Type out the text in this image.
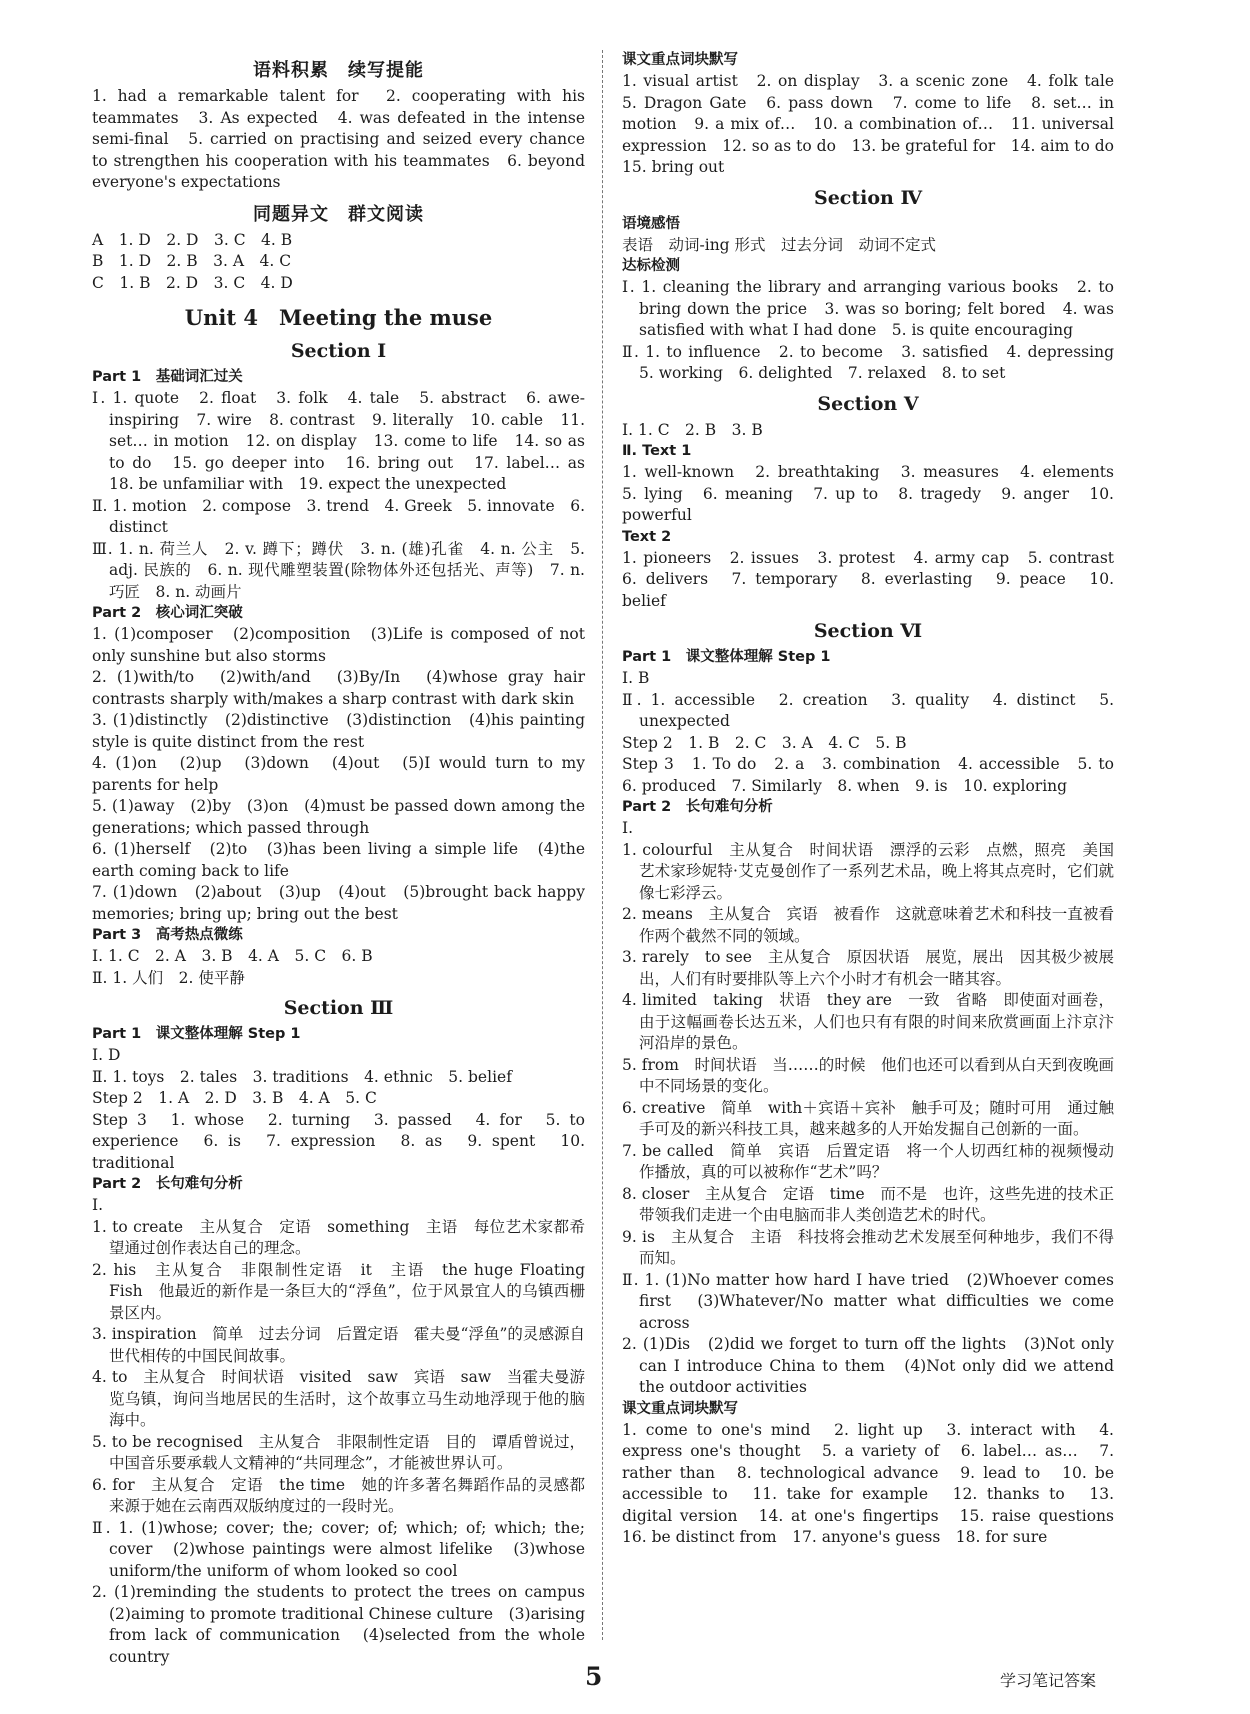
语料积累　续写提能

1. had a remarkable talent for　2. cooperating with his teammates　3. As expected　4. was defeated in the intense semi-final　5. carried on practising and seized every chance to strengthen his cooperation with his teammates　6. beyond everyone's expectations

同题异文　群文阅读

A　1. D　2. D　3. C　4. B

B　1. D　2. B　3. A　4. C

C　1. B　2. D　3. C　4. D

Unit 4　Meeting the muse
Section Ⅰ
Part 1　基础词汇过关

Ⅰ. 1. quote　2. float　3. folk　4. tale　5. abstract　6. awe-inspiring　7. wire　8. contrast　9. literally　10. cable　11. set… in motion　12. on display　13. come to life　14. so as to do　15. go deeper into　16. bring out　17. label… as　18. be unfamiliar with　19. expect the unexpected

Ⅱ. 1. motion　2. compose　3. trend　4. Greek　5. innovate　6. distinct

Ⅲ. 1. n. 荷兰人　2. v. 蹲下；蹲伏　3. n. (雄)孔雀　4. n. 公主　5. adj. 民族的　6. n. 现代雕塑装置(除物体外还包括光、声等)　7. n. 巧匠　8. n. 动画片

Part 2　核心词汇突破

1. (1)composer　(2)composition　(3)Life is composed of not only sunshine but also storms

2. (1)with/to　(2)with/and　(3)By/In　(4)whose gray hair contrasts sharply with/makes a sharp contrast with dark skin

3. (1)distinctly　(2)distinctive　(3)distinction　(4)his painting style is quite distinct from the rest

4. (1)on　(2)up　(3)down　(4)out　(5)I would turn to my parents for help

5. (1)away　(2)by　(3)on　(4)must be passed down among the generations; which passed through

6. (1)herself　(2)to　(3)has been living a simple life　(4)the earth coming back to life

7. (1)down　(2)about　(3)up　(4)out　(5)brought back happy memories; bring up; bring out the best

Part 3　高考热点微练

Ⅰ. 1. C　2. A　3. B　4. A　5. C　6. B

Ⅱ. 1. 人们　2. 使平静

Section Ⅲ
Part 1　课文整体理解 Step 1

Ⅰ. D

Ⅱ. 1. toys　2. tales　3. traditions　4. ethnic　5. belief

Step 2　1. A　2. D　3. B　4. A　5. C

Step 3　1. whose　2. turning　3. passed　4. for　5. to experience　6. is　7. expression　8. as　9. spent　10. traditional

Part 2　长句难句分析

Ⅰ.

1. to create　主从复合　定语　something　主语　每位艺术家都希望通过创作表达自己的理念。

2. his　主从复合　非限制性定语　it　主语　the huge Floating Fish　他最近的新作是一条巨大的“浮鱼”，位于风景宜人的乌镇西栅景区内。

3. inspiration　简单　过去分词　后置定语　霍夫曼“浮鱼”的灵感源自世代相传的中国民间故事。

4. to　主从复合　时间状语　visited　saw　宾语　saw　当霍夫曼游览乌镇，询问当地居民的生活时，这个故事立马生动地浮现于他的脑海中。

5. to be recognised　主从复合　非限制性定语　目的　谭盾曾说过，中国音乐要承载人文精神的“共同理念”，才能被世界认可。

6. for　主从复合　定语　the time　她的许多著名舞蹈作品的灵感都来源于她在云南西双版纳度过的一段时光。

Ⅱ. 1. (1)whose; cover; the; cover; of; which; of; which; the; cover　(2)whose paintings were almost lifelike　(3)whose uniform/the uniform of whom looked so cool

2. (1)reminding the students to protect the trees on campus　(2)aiming to promote traditional Chinese culture　(3)arising from lack of communication　(4)selected from the whole country

课文重点词块默写

1. visual artist　2. on display　3. a scenic zone　4. folk tale　5. Dragon Gate　6. pass down　7. come to life　8. set… in motion　9. a mix of…　10. a combination of…　11. universal expression　12. so as to do　13. be grateful for　14. aim to do　15. bring out

Section Ⅳ
语境感悟

表语　动词-ing 形式　过去分词　动词不定式

达标检测

Ⅰ. 1. cleaning the library and arranging various books　2. to bring down the price　3. was so boring; felt bored　4. was satisfied with what I had done　5. is quite encouraging

Ⅱ. 1. to influence　2. to become　3. satisfied　4. depressing　5. working　6. delighted　7. relaxed　8. to set

Section Ⅴ

Ⅰ. 1. C　2. B　3. B

Ⅱ. Text 1

1. well-known　2. breathtaking　3. measures　4. elements　5. lying　6. meaning　7. up to　8. tragedy　9. anger　10. powerful

Text 2

1. pioneers　2. issues　3. protest　4. army cap　5. contrast　6. delivers　7. temporary　8. everlasting　9. peace　10. belief

Section Ⅵ
Part 1　课文整体理解 Step 1

Ⅰ. B

Ⅱ. 1. accessible　2. creation　3. quality　4. distinct　5. unexpected

Step 2　1. B　2. C　3. A　4. C　5. B

Step 3　1. To do　2. a　3. combination　4. accessible　5. to　6. produced　7. Similarly　8. when　9. is　10. exploring

Part 2　长句难句分析

Ⅰ.

1. colourful　主从复合　时间状语　漂浮的云彩　点燃，照亮　美国艺术家珍妮特·艾克曼创作了一系列艺术品，晚上将其点亮时，它们就像七彩浮云。

2. means　主从复合　宾语　被看作　这就意味着艺术和科技一直被看作两个截然不同的领域。

3. rarely　to see　主从复合　原因状语　展览，展出　因其极少被展出，人们有时要排队等上六个小时才有机会一睹其容。

4. limited　taking　状语　they are　一致　省略　即使面对画卷，由于这幅画卷长达五米，人们也只有有限的时间来欣赏画面上汴京汴河沿岸的景色。

5. from　时间状语　当……的时候　他们也还可以看到从白天到夜晚画中不同场景的变化。

6. creative　简单　with＋宾语＋宾补　触手可及；随时可用　通过触手可及的新兴科技工具，越来越多的人开始发掘自己创新的一面。

7. be called　简单　宾语　后置定语　将一个人切西红柿的视频慢动作播放，真的可以被称作“艺术”吗？

8. closer　主从复合　定语　time　而不是　也许，这些先进的技术正带领我们走进一个由电脑而非人类创造艺术的时代。

9. is　主从复合　主语　科技将会推动艺术发展至何种地步，我们不得而知。

Ⅱ. 1. (1)No matter how hard I have tried　(2)Whoever comes first　(3)Whatever/No matter what difficulties we come across

2. (1)Dis　(2)did we forget to turn off the lights　(3)Not only can I introduce China to them　(4)Not only did we attend the outdoor activities

课文重点词块默写

1. come to one's mind　2. light up　3. interact with　4. express one's thought　5. a variety of　6. label… as…　7. rather than　8. technological advance　9. lead to　10. be accessible to　11. take for example　12. thanks to　13. digital version　14. at one's fingertips　15. raise questions　16. be distinct from　17. anyone's guess　18. for sure

5	学习笔记答案
